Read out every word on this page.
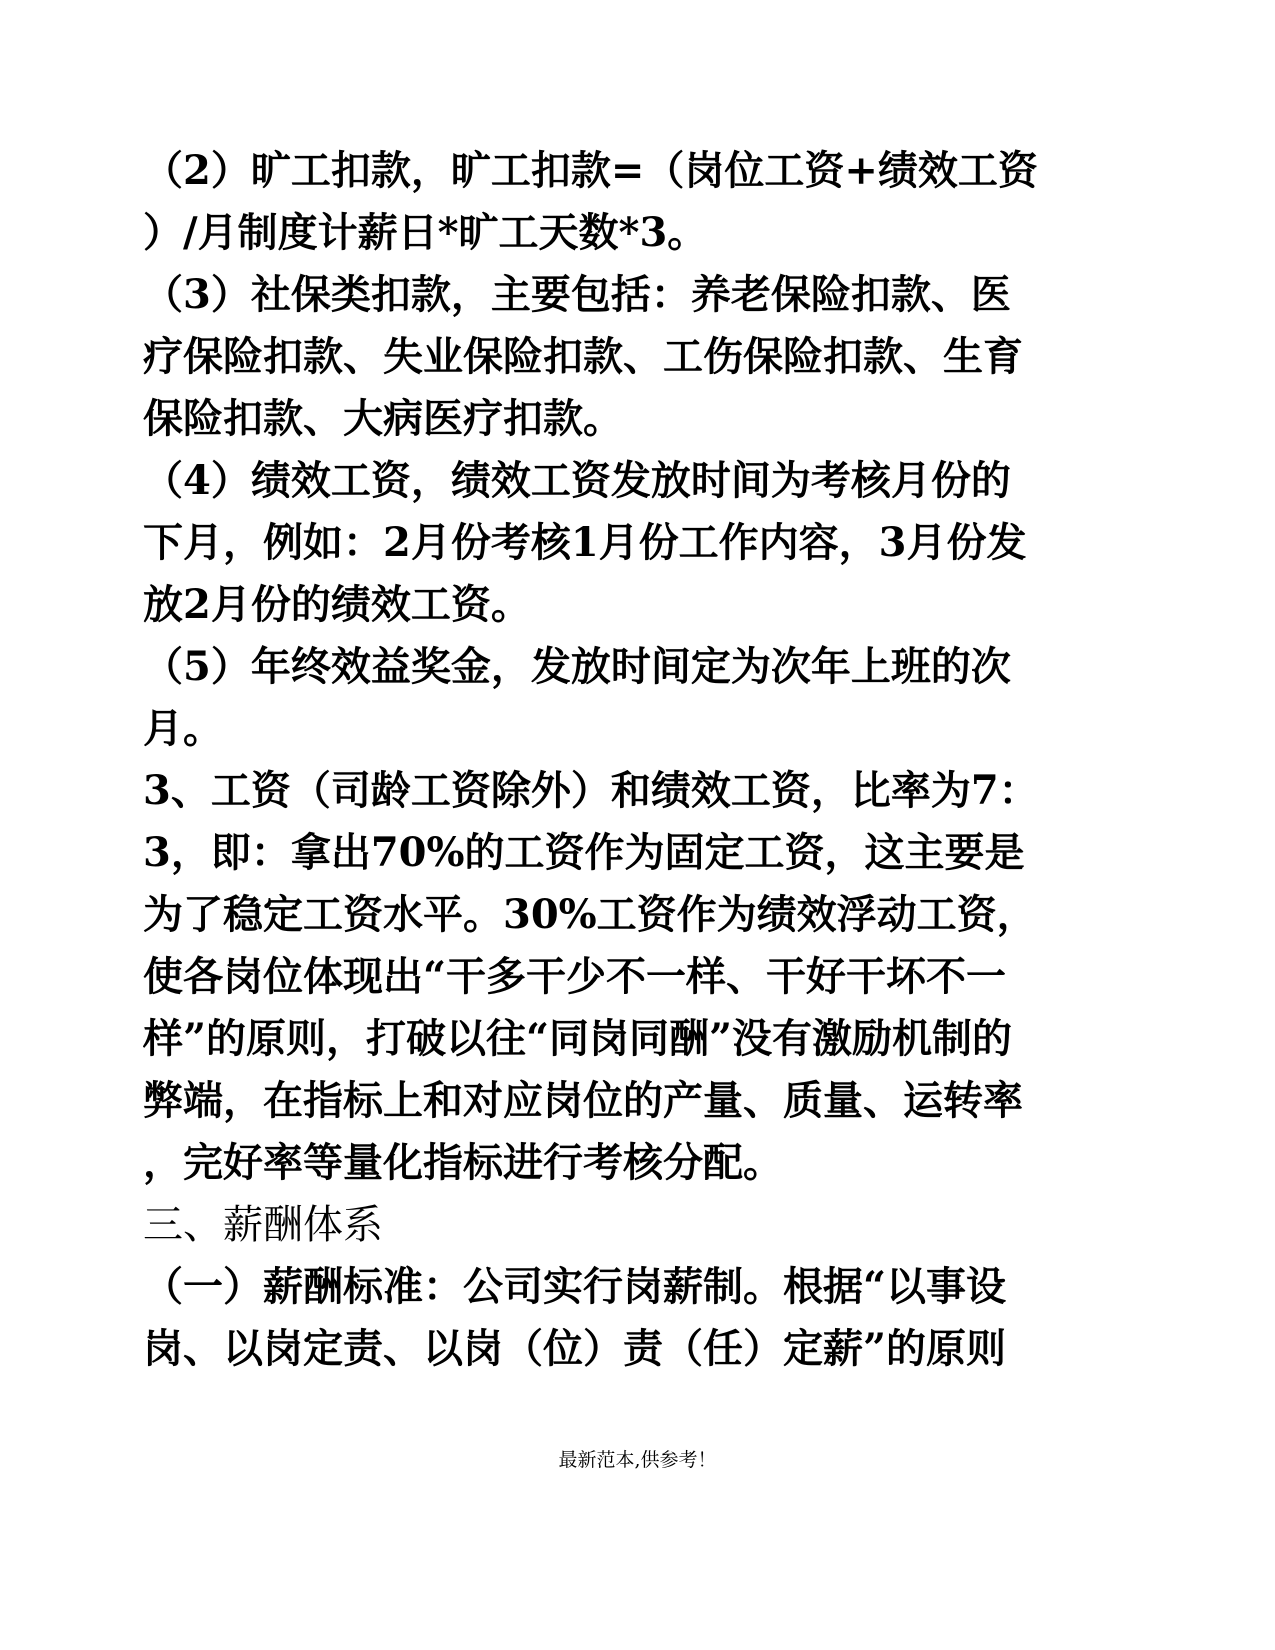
（2）旷工扣款，旷工扣款=（岗位工资+绩效工资
）/月制度计薪日*旷工天数*3。
（3）社保类扣款，主要包括：养老保险扣款、医
疗保险扣款、失业保险扣款、工伤保险扣款、生育
保险扣款、大病医疗扣款。
（4）绩效工资，绩效工资发放时间为考核月份的
下月，例如：2月份考核1月份工作内容，3月份发
放2月份的绩效工资。
（5）年终效益奖金，发放时间定为次年上班的次
月。
3、工资（司龄工资除外）和绩效工资，比率为7：
3，即：拿出70%的工资作为固定工资，这主要是
为了稳定工资水平。30%工资作为绩效浮动工资，
使各岗位体现出“干多干少不一样、干好干坏不一
样”的原则，打破以往“同岗同酬”没有激励机制的
弊端，在指标上和对应岗位的产量、质量、运转率
，完好率等量化指标进行考核分配。
三、薪酬体系
（一）薪酬标准：公司实行岗薪制。根据“以事设
岗、以岗定责、以岗（位）责（任）定薪”的原则
最新范本,供参考！
